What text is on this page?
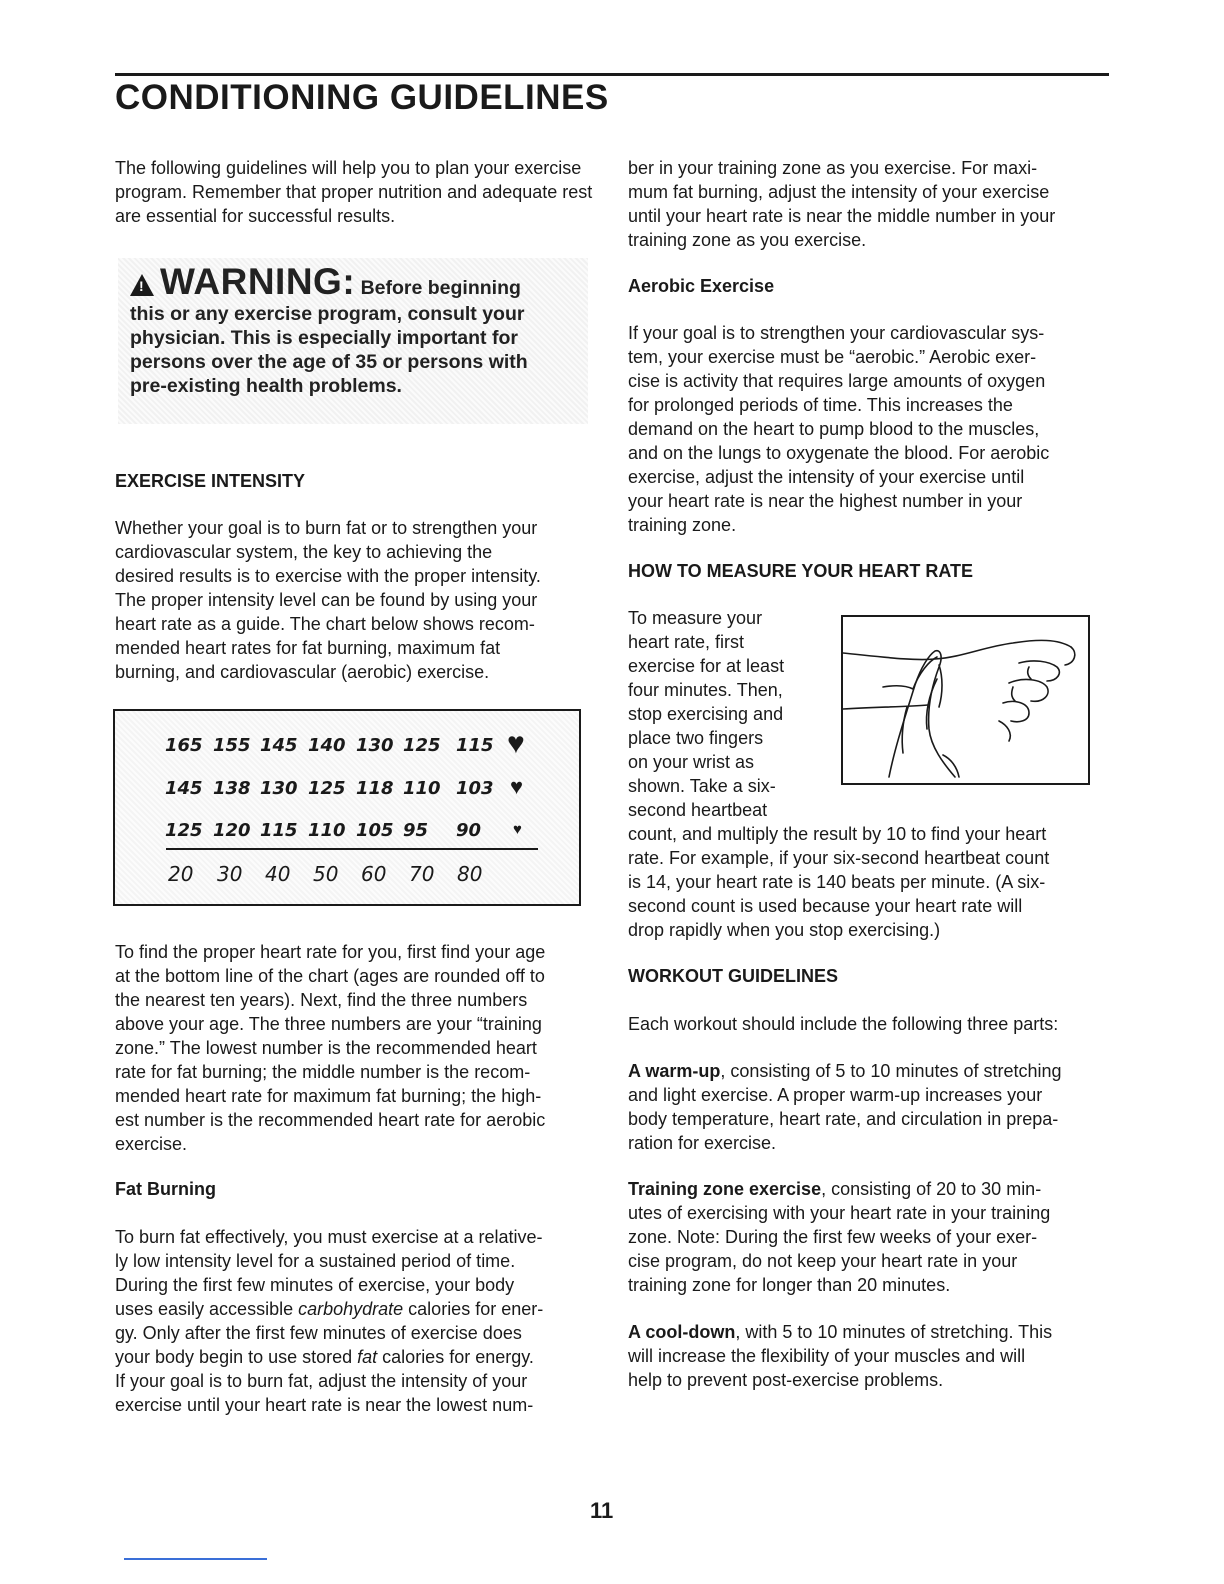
CONDITIONING GUIDELINES

The following guidelines will help you to plan your exercise program. Remember that proper nutrition and adequate rest are essential for successful results.

!WARNING: Before beginning
this or any exercise program, consult your
physician. This is especially important for
persons over the age of 35 or persons with
pre-existing health problems.
EXERCISE INTENSITY
Whether your goal is to burn fat or to strengthen your
cardiovascular system, the key to achieving the
desired results is to exercise with the proper intensity.
The proper intensity level can be found by using your
heart rate as a guide. The chart below shows recom-
mended heart rates for fat burning, maximum fat
burning, and cardiovascular (aerobic) exercise.
165 155 145 140 130 125 115 ♥
145 138 130 125 118 110 103 ♥
125 120 115 110 105 95	90	♥
20 30 40 50 60 70 80
To find the proper heart rate for you, first find your age
at the bottom line of the chart (ages are rounded off to
the nearest ten years). Next, find the three numbers
above your age. The three numbers are your “training
zone.” The lowest number is the recommended heart
rate for fat burning; the middle number is the recom-
mended heart rate for maximum fat burning; the high-
est number is the recommended heart rate for aerobic
exercise.
Fat Burning
To burn fat effectively, you must exercise at a relative-
ly low intensity level for a sustained period of time.
During the first few minutes of exercise, your body
uses easily accessible carbohydrate calories for ener-
gy. Only after the first few minutes of exercise does
your body begin to use stored fat calories for energy.
If your goal is to burn fat, adjust the intensity of your
exercise until your heart rate is near the lowest num-
ber in your training zone as you exercise. For maxi-
mum fat burning, adjust the intensity of your exercise
until your heart rate is near the middle number in your
training zone as you exercise.
Aerobic Exercise
If your goal is to strengthen your cardiovascular sys-
tem, your exercise must be “aerobic.” Aerobic exer-
cise is activity that requires large amounts of oxygen
for prolonged periods of time. This increases the
demand on the heart to pump blood to the muscles,
and on the lungs to oxygenate the blood. For aerobic
exercise, adjust the intensity of your exercise until
your heart rate is near the highest number in your
training zone.
HOW TO MEASURE YOUR HEART RATE
To measure your
heart rate, first
exercise for at least
four minutes. Then,
stop exercising and
place two fingers
on your wrist as
shown. Take a six-
second heartbeat
count, and multiply the result by 10 to find your heart
rate. For example, if your six-second heartbeat count
is 14, your heart rate is 140 beats per minute. (A six-
second count is used because your heart rate will
drop rapidly when you stop exercising.)
WORKOUT GUIDELINES
Each workout should include the following three parts:
A warm-up, consisting of 5 to 10 minutes of stretching
and light exercise. A proper warm-up increases your
body temperature, heart rate, and circulation in prepa-
ration for exercise.
Training zone exercise, consisting of 20 to 30 min-
utes of exercising with your heart rate in your training
zone. Note: During the first few weeks of your exer-
cise program, do not keep your heart rate in your
training zone for longer than 20 minutes.
A cool-down, with 5 to 10 minutes of stretching. This
will increase the flexibility of your muscles and will
help to prevent post-exercise problems.
11
